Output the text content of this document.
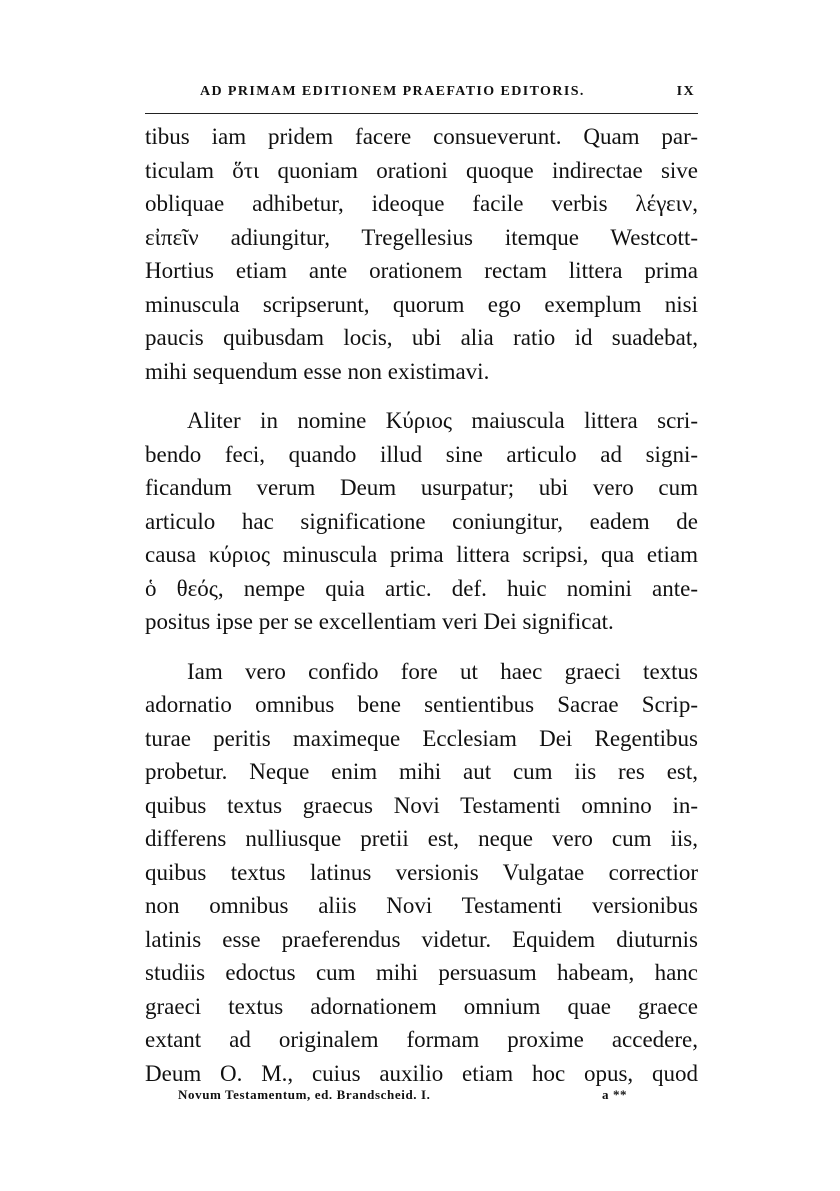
AD PRIMAM EDITIONEM PRAEFATIO EDITORIS.	IX
tibus iam pridem facere consueverunt. Quam par-
ticulam ὅτι quoniam orationi quoque indirectae sive
obliquae adhibetur, ideoque facile verbis λέγειν,
εἰπεῖν adiungitur, Tregellesius itemque Westcott-
Hortius etiam ante orationem rectam littera prima
minuscula scripserunt, quorum ego exemplum nisi
paucis quibusdam locis, ubi alia ratio id suadebat,
mihi sequendum esse non existimavi.
Aliter in nomine Κύριος maiuscula littera scri-
bendo feci, quando illud sine articulo ad signi-
ficandum verum Deum usurpatur; ubi vero cum
articulo hac significatione coniungitur, eadem de
causa κύριος minuscula prima littera scripsi, qua etiam
ὁ θεός, nempe quia artic. def. huic nomini ante-
positus ipse per se excellentiam veri Dei significat.
Iam vero confido fore ut haec graeci textus
adornatio omnibus bene sentientibus Sacrae Scrip-
turae peritis maximeque Ecclesiam Dei Regentibus
probetur. Neque enim mihi aut cum iis res est,
quibus textus graecus Novi Testamenti omnino in-
differens nulliusque pretii est, neque vero cum iis,
quibus textus latinus versionis Vulgatae correctior
non omnibus aliis Novi Testamenti versionibus
latinis esse praeferendus videtur. Equidem diuturnis
studiis edoctus cum mihi persuasum habeam, hanc
graeci textus adornationem omnium quae graece
extant ad originalem formam proxime accedere,
Deum O. M., cuius auxilio etiam hoc opus, quod
Novum Testamentum, ed. Brandscheid. I.	a **
